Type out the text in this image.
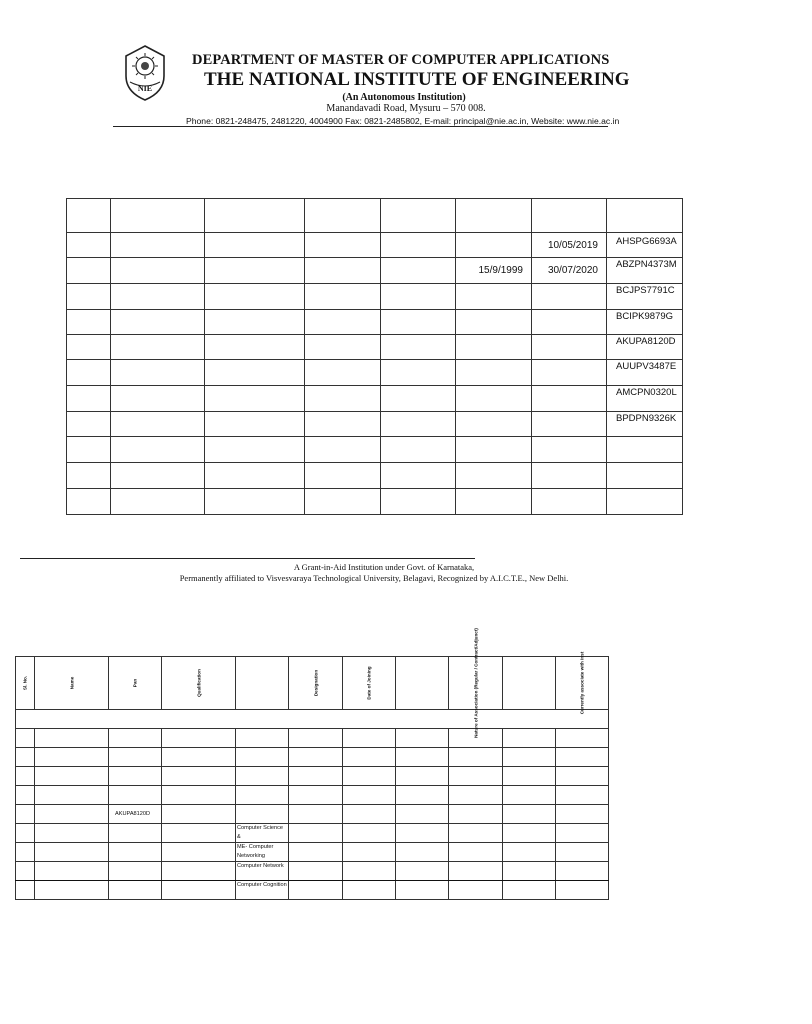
NIE
DEPARTMENT OF MASTER OF COMPUTER APPLICATIONS
THE NATIONAL INSTITUTE OF ENGINEERING
(An Autonomous Institution)
Manandavadi Road, Mysuru – 570 008.
Phone: 0821-248475, 2481220, 4004900 Fax: 0821-2485802, E-mail: principal@nie.ac.in, Website: www.nie.ac.in

						10/05/2019	AHSPG6693A
					15/9/1999	30/07/2020	ABZPN4373M
							BCJPS7791C
							BCIPK9879G
							AKUPA8120D
							AUUPV3487E
							AMCPN0320L
							BPDPN9326K

A Grant-in-Aid Institution under Govt. of Karnataka,
Permanently affiliated to Visvesvaraya Technological University, Belagavi, Recognized by A.I.C.T.E., New Delhi.
Sl. No.	Name	Pan	Qualification		Designation	Date of Joining		Nature of Association (Regular / Contract/Adjunct)		Currently associate with Inst

		AKUPA8120D								
				Computer Science &						
				ME- Computer Networking						
				Computer Network						
				Computer Cognition						
